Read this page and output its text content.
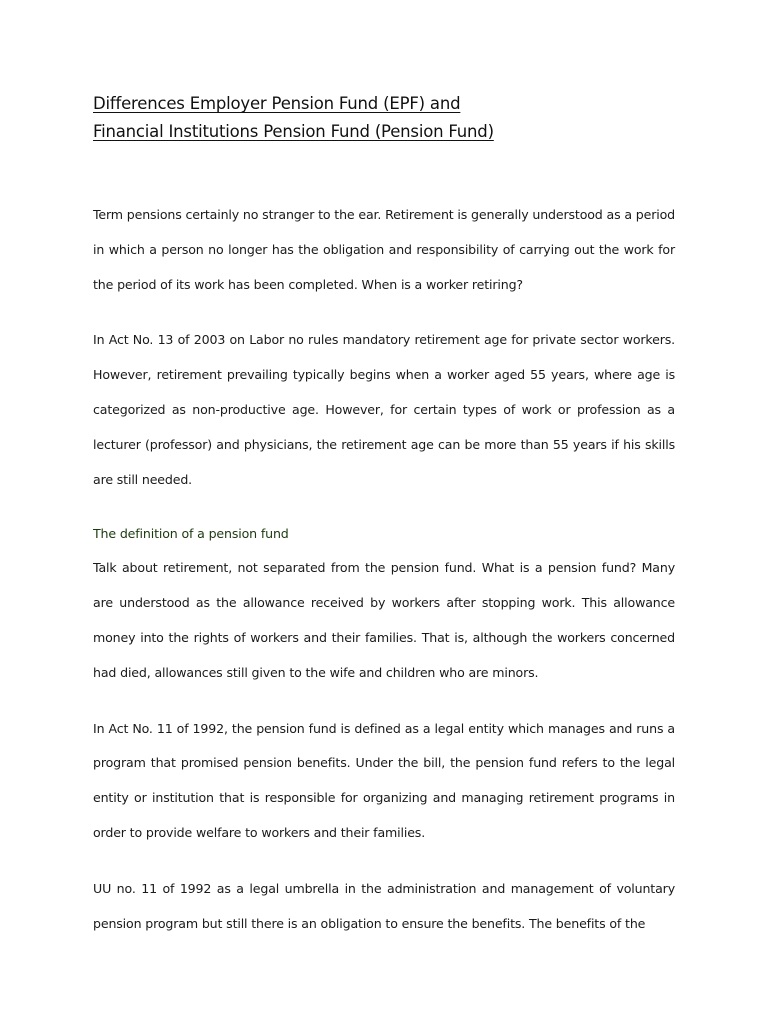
Differences Employer Pension Fund (EPF) and
Financial Institutions Pension Fund (Pension Fund)

Term pensions certainly no stranger to the ear. Retirement is generally understood as a period in which a person no longer has the obligation and responsibility of carrying out the work for the period of its work has been completed. When is a worker retiring?

In Act No. 13 of 2003 on Labor no rules mandatory retirement age for private sector workers. However, retirement prevailing typically begins when a worker aged 55 years, where age is categorized as non-productive age. However, for certain types of work or profession as a lecturer (professor) and physicians, the retirement age can be more than 55 years if his skills are still needed.

The definition of a pension fund

Talk about retirement, not separated from the pension fund. What is a pension fund? Many are understood as the allowance received by workers after stopping work. This allowance money into the rights of workers and their families. That is, although the workers concerned had died, allowances still given to the wife and children who are minors.

In Act No. 11 of 1992, the pension fund is defined as a legal entity which manages and runs a program that promised pension benefits. Under the bill, the pension fund refers to the legal entity or institution that is responsible for organizing and managing retirement programs in order to provide welfare to workers and their families.

UU no. 11 of 1992 as a legal umbrella in the administration and management of voluntary pension program but still there is an obligation to ensure the benefits. The benefits of the
